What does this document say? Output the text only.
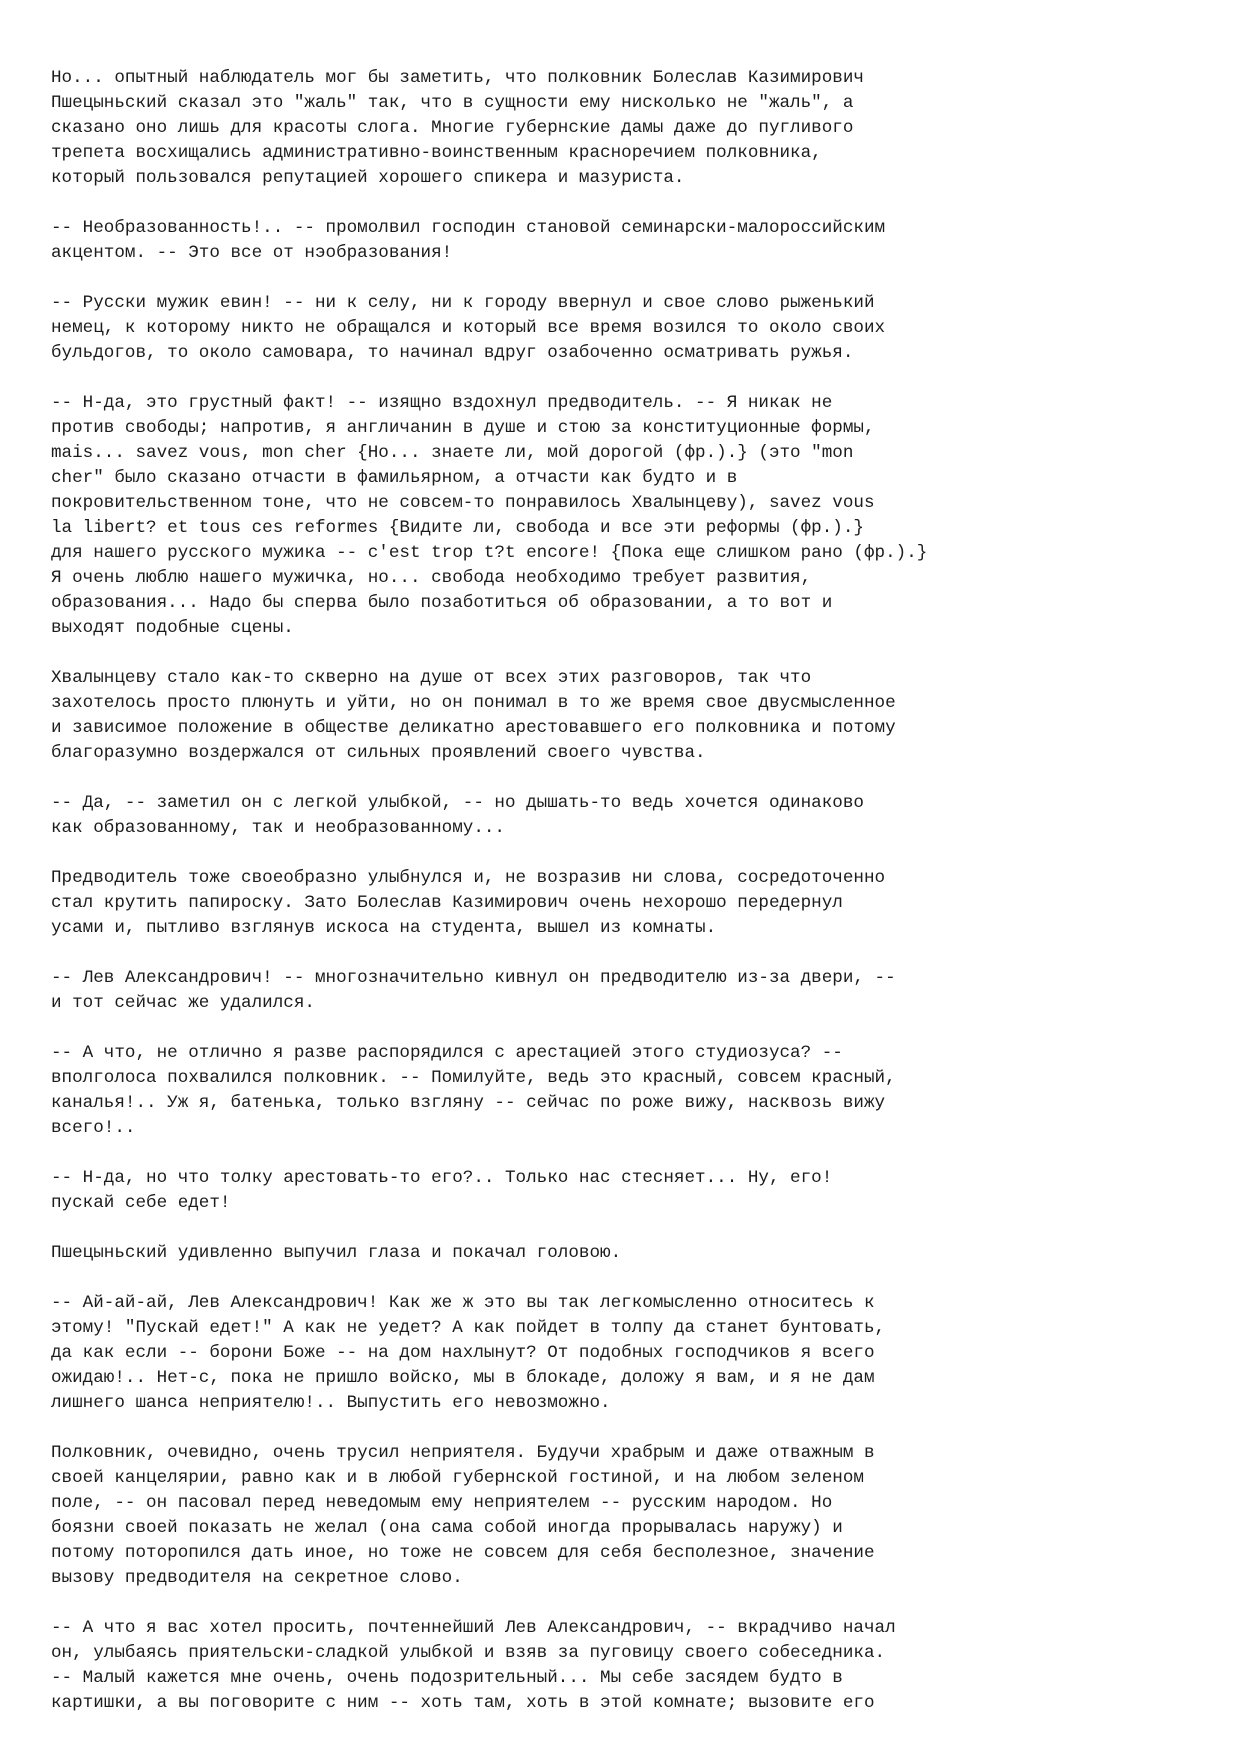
Но... опытный наблюдатель мог бы заметить, что полковник Болеслав Казимирович
Пшецыньский сказал это "жаль" так, что в сущности ему нисколько не "жаль", а
сказано оно лишь для красоты слога. Многие губернские дамы даже до пугливого
трепета восхищались административно-воинственным красноречием полковника,
который пользовался репутацией хорошего спикера и мазуриста.
-- Необразованность!.. -- промолвил господин становой семинарски-малороссийским
акцентом. -- Это все от нэобразования!
-- Русски мужик евин! -- ни к селу, ни к городу ввернул и свое слово рыженький
немец, к которому никто не обращался и который все время возился то около своих
бульдогов, то около самовара, то начинал вдруг озабоченно осматривать ружья.
-- Н-да, это грустный факт! -- изящно вздохнул предводитель. -- Я никак не
против свободы; напротив, я англичанин в душе и стою за конституционные формы,
mais... savez vous, mon cher {Но... знаете ли, мой дорогой (фр.).} (это "mon
cher" было сказано отчасти в фамильярном, а отчасти как будто и в
покровительственном тоне, что не совсем-то понравилось Хвалынцеву), savez vous
la libert? et tous ces reformes {Видите ли, свобода и все эти реформы (фр.).}
для нашего русского мужика -- c'est trop t?t encore! {Пока еще слишком рано (фр.).}
Я очень люблю нашего мужичка, но... свобода необходимо требует развития,
образования... Надо бы сперва было позаботиться об образовании, а то вот и
выходят подобные сцены.
Хвалынцеву стало как-то скверно на душе от всех этих разговоров, так что
захотелось просто плюнуть и уйти, но он понимал в то же время свое двусмысленное
и зависимое положение в обществе деликатно арестовавшего его полковника и потому
благоразумно воздержался от сильных проявлений своего чувства.
-- Да, -- заметил он с легкой улыбкой, -- но дышать-то ведь хочется одинаково
как образованному, так и необразованному...
Предводитель тоже своеобразно улыбнулся и, не возразив ни слова, сосредоточенно
стал крутить папироску. Зато Болеслав Казимирович очень нехорошо передернул
усами и, пытливо взглянув искоса на студента, вышел из комнаты.
-- Лев Александрович! -- многозначительно кивнул он предводителю из-за двери, --
и тот сейчас же удалился.
-- А что, не отлично я разве распорядился с арестацией этого студиозуса? --
вполголоса похвалился полковник. -- Помилуйте, ведь это красный, совсем красный,
каналья!.. Уж я, батенька, только взгляну -- сейчас по роже вижу, насквозь вижу
всего!..
-- Н-да, но что толку арестовать-то его?.. Только нас стесняет... Ну, его!
пускай себе едет!
Пшецыньский удивленно выпучил глаза и покачал головою.
-- Ай-ай-ай, Лев Александрович! Как же ж это вы так легкомысленно относитесь к
этому! "Пускай едет!" А как не уедет? А как пойдет в толпу да станет бунтовать,
да как если -- борони Боже -- на дом нахлынут? От подобных господчиков я всего
ожидаю!.. Нет-с, пока не пришло войско, мы в блокаде, доложу я вам, и я не дам
лишнего шанса неприятелю!.. Выпустить его невозможно.
Полковник, очевидно, очень трусил неприятеля. Будучи храбрым и даже отважным в
своей канцелярии, равно как и в любой губернской гостиной, и на любом зеленом
поле, -- он пасовал перед неведомым ему неприятелем -- русским народом. Но
боязни своей показать не желал (она сама собой иногда прорывалась наружу) и
потому поторопился дать иное, но тоже не совсем для себя бесполезное, значение
вызову предводителя на секретное слово.
-- А что я вас хотел просить, почтеннейший Лев Александрович, -- вкрадчиво начал
он, улыбаясь приятельски-сладкой улыбкой и взяв за пуговицу своего собеседника.
-- Малый кажется мне очень, очень подозрительный... Мы себе засядем будто в
картишки, а вы поговорите с ним -- хоть там, хоть в этой комнате; вызовите его
